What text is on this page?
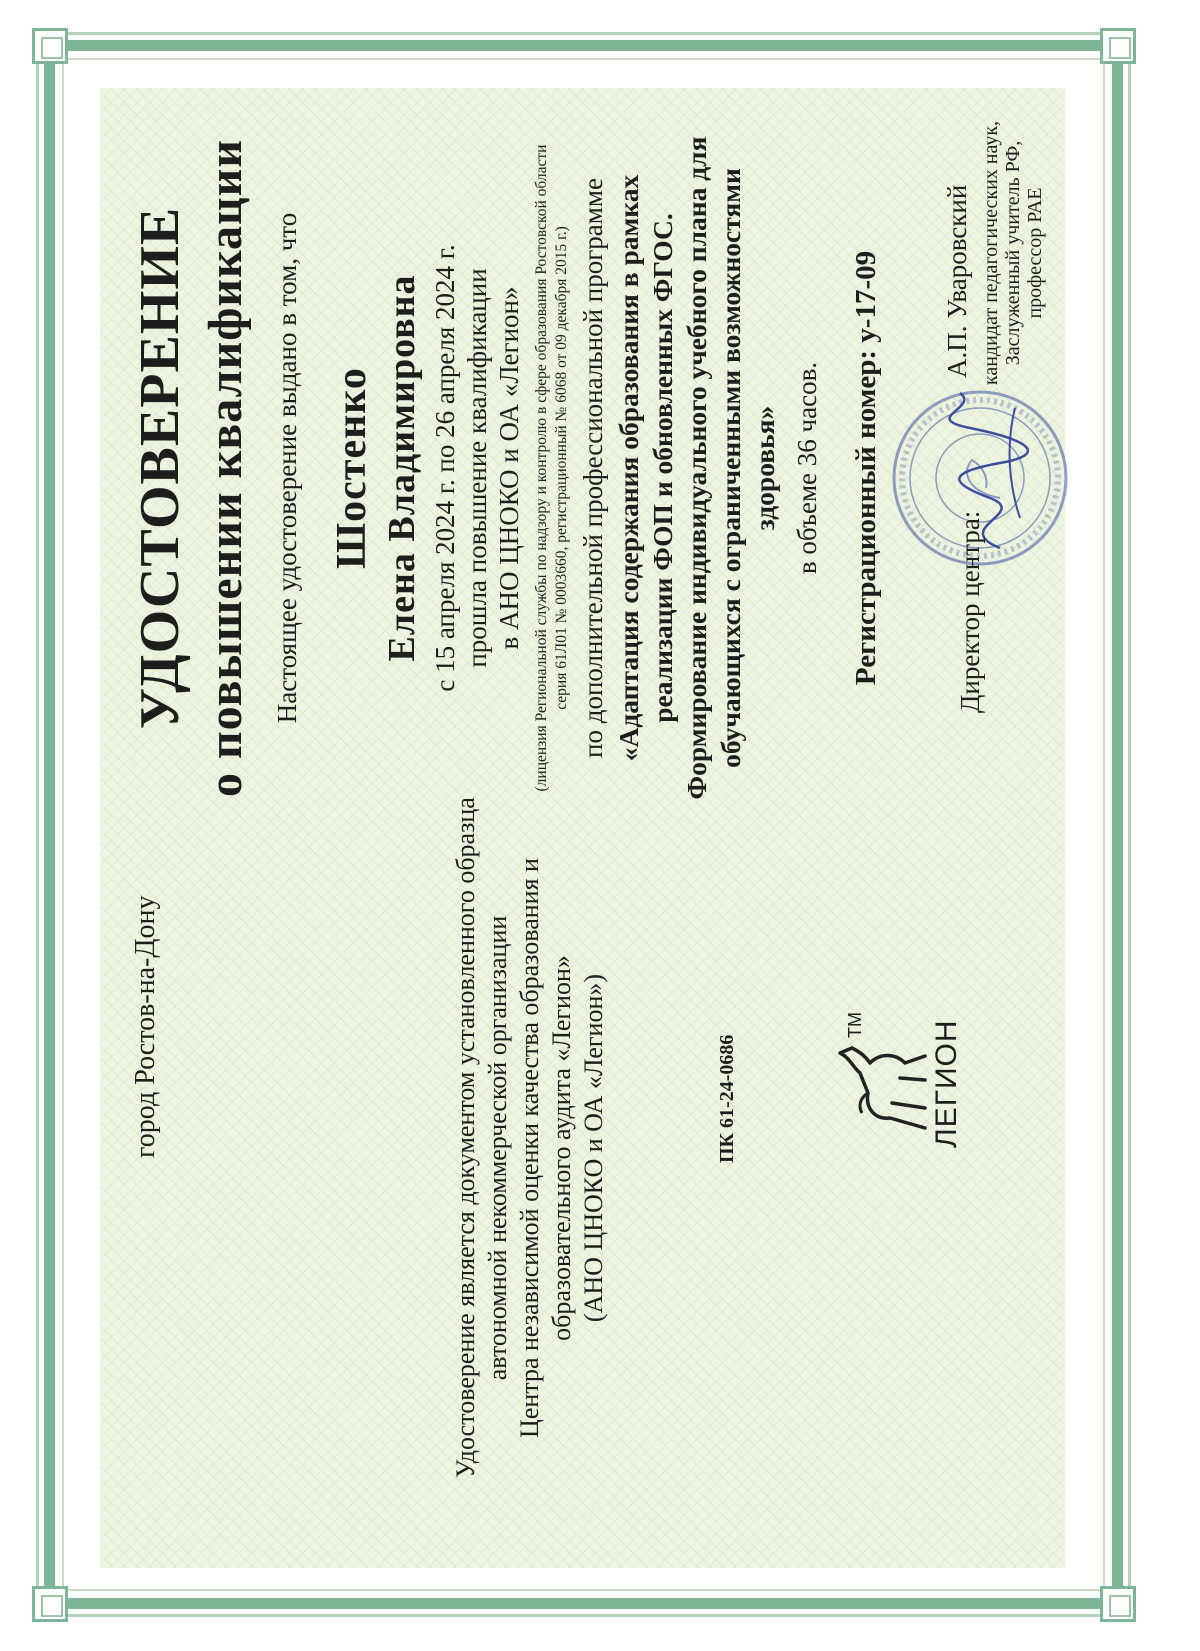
УДОСТОВЕРЕНИЕ о повышении квалификации Настоящее удостоверение выдано в том, что Шостенко Елена Владимировна с 15 апреля 2024 г. по 26 апреля 2024 г. прошла повышение квалификации в АНО ЦНОКО и ОА «Легион» (лицензия Региональной службы по надзору и контролю в сфере образования Ростовской области серия 61Л01 № 0003660, регистрационный № 6068 от 09 декабря 2015 г.) по дополнительной профессиональной программе «Адаптация содержания образования в рамках реализации ФОП и обновленных ФГОС. Формирование индивидуального учебного плана для обучающихся с ограниченными возможностями здоровья» в объеме 36 часов. Регистрационный номер: у-17-09	Директор центра:
А.П. Уваровский кандидат педагогических наук, Заслуженный учитель РФ, профессор РАЕ
город Ростов-на-Дону	Удостоверение является документом установленного образца автономной некоммерческой организации Центра независимой оценки качества образования и образовательного аудита «Легион» (АНО ЦНОКО и ОА «Легион»)	ПК 61-24-0686
ТМ ЛЕГИОН
